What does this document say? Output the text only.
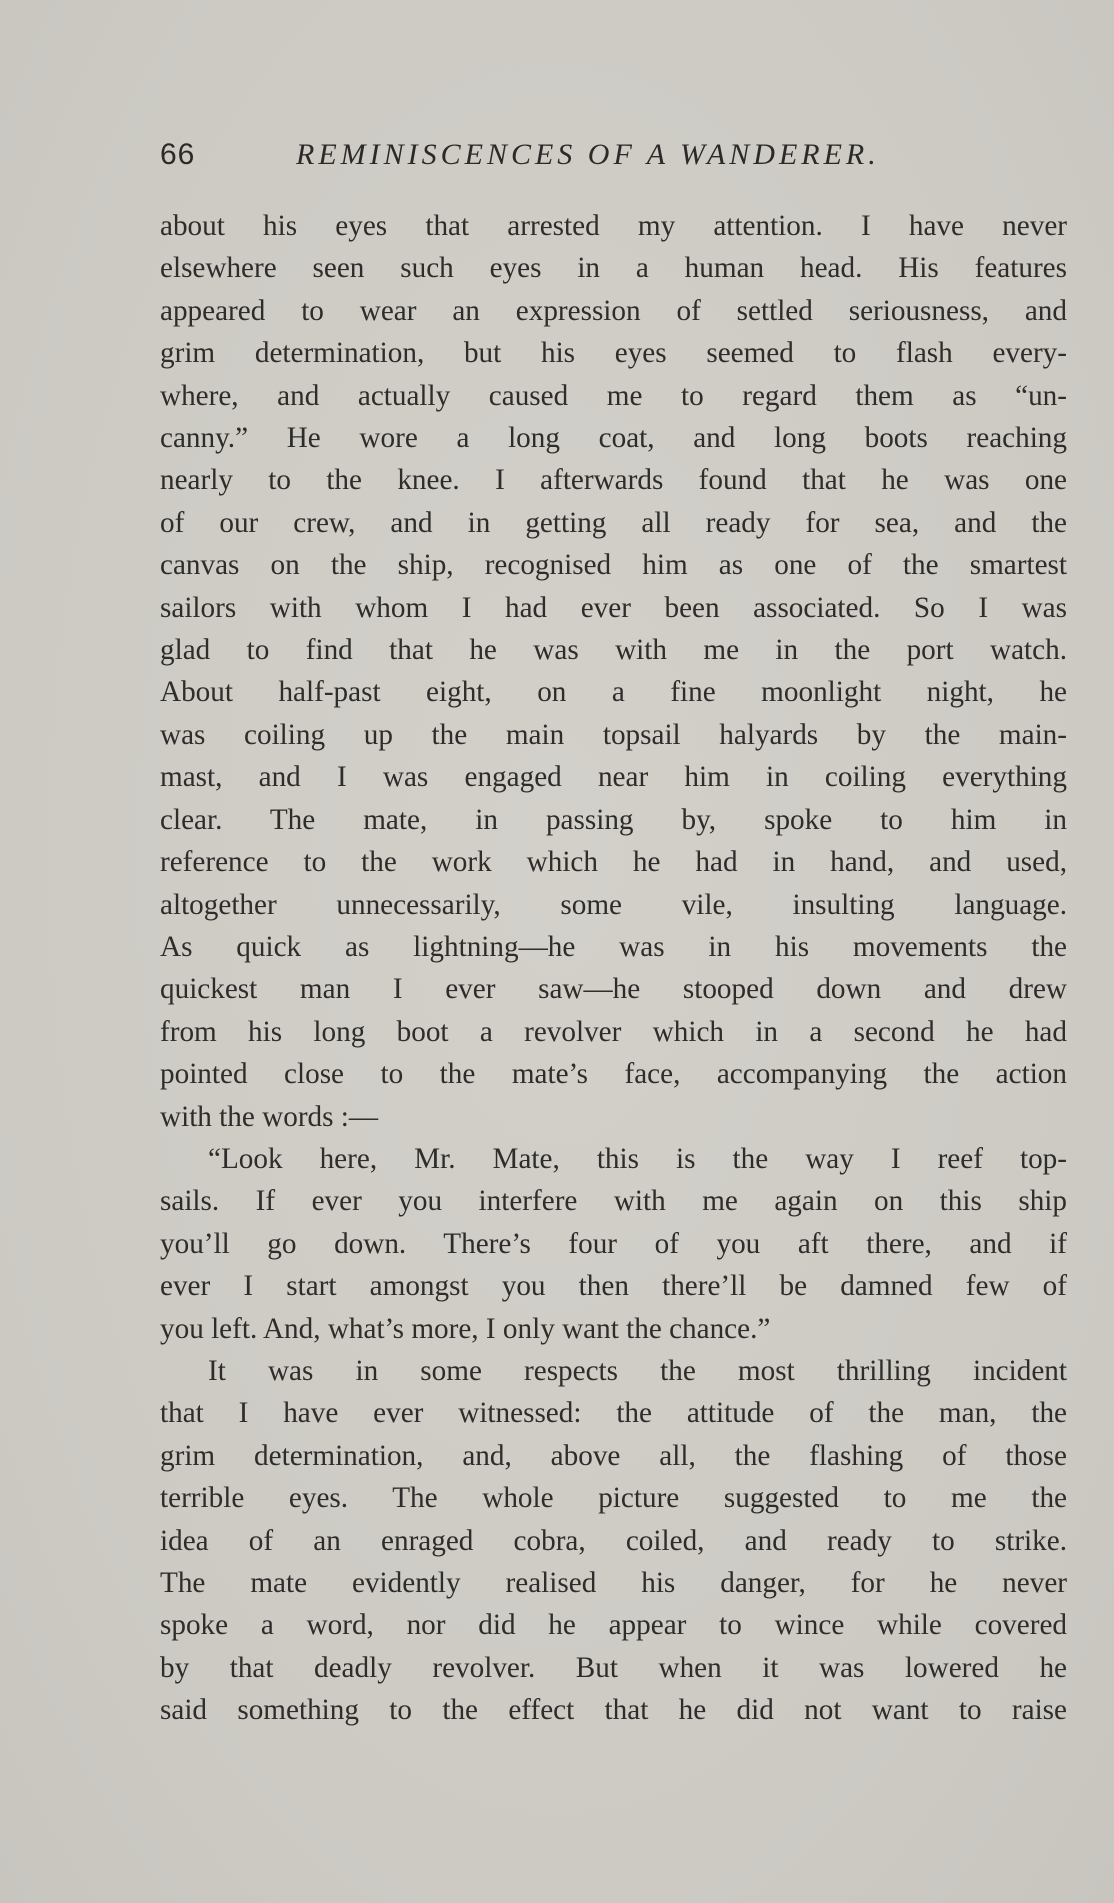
66	REMINISCENCES OF A WANDERER.
about his eyes that arrested my attention. I have never
elsewhere seen such eyes in a human head. His features
appeared to wear an expression of settled seriousness, and
grim determination, but his eyes seemed to flash every-
where, and actually caused me to regard them as “un-
canny.” He wore a long coat, and long boots reaching
nearly to the knee. I afterwards found that he was one
of our crew, and in getting all ready for sea, and the
canvas on the ship, recognised him as one of the smartest
sailors with whom I had ever been associated. So I was
glad to find that he was with me in the port watch.
About half-past eight, on a fine moonlight night, he
was coiling up the main topsail halyards by the main-
mast, and I was engaged near him in coiling everything
clear. The mate, in passing by, spoke to him in
reference to the work which he had in hand, and used,
altogether unnecessarily, some vile, insulting language.
As quick as lightning—he was in his movements the
quickest man I ever saw—he stooped down and drew
from his long boot a revolver which in a second he had
pointed close to the mate’s face, accompanying the action
with the words :—
“Look here, Mr. Mate, this is the way I reef top-
sails. If ever you interfere with me again on this ship
you’ll go down. There’s four of you aft there, and if
ever I start amongst you then there’ll be damned few of
you left. And, what’s more, I only want the chance.”
It was in some respects the most thrilling incident
that I have ever witnessed: the attitude of the man, the
grim determination, and, above all, the flashing of those
terrible eyes. The whole picture suggested to me the
idea of an enraged cobra, coiled, and ready to strike.
The mate evidently realised his danger, for he never
spoke a word, nor did he appear to wince while covered
by that deadly revolver. But when it was lowered he
said something to the effect that he did not want to raise
